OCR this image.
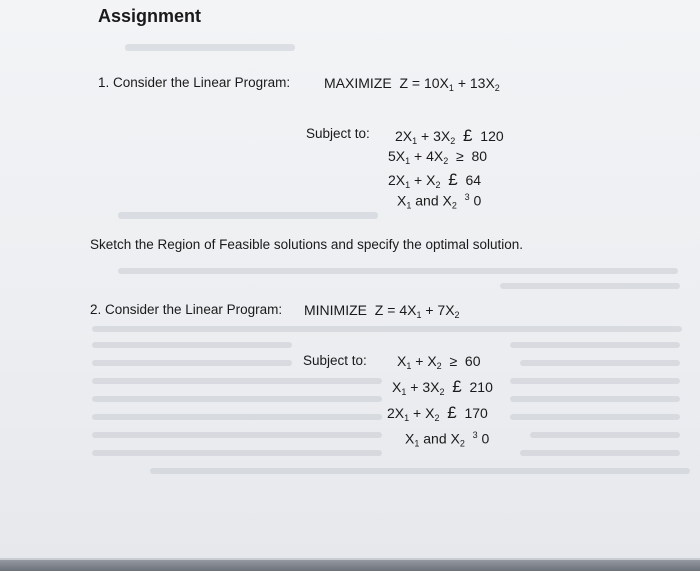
Assignment
1. Consider the Linear Program: MAXIMIZE $Z = 10X_1 + 13X_2$
Subject to: $2X_1 + 3X_2$ £ 120
$5X_1 + 4X_2 \ge 80$
$2X_1 + X_2$ £ 64
$X_1$ and $X_2$  $^3$ 0
Sketch the Region of Feasible solutions and specify the optimal solution.
2. Consider the Linear Program: MINIMIZE $Z = 4X_1 + 7X_2$
Subject to: $X_1 + X_2 \ge 60$
$X_1 + 3X_2$ £ 210
$2X_1 + X_2$ £ 170
$X_1$ and $X_2$  $^3$ 0
